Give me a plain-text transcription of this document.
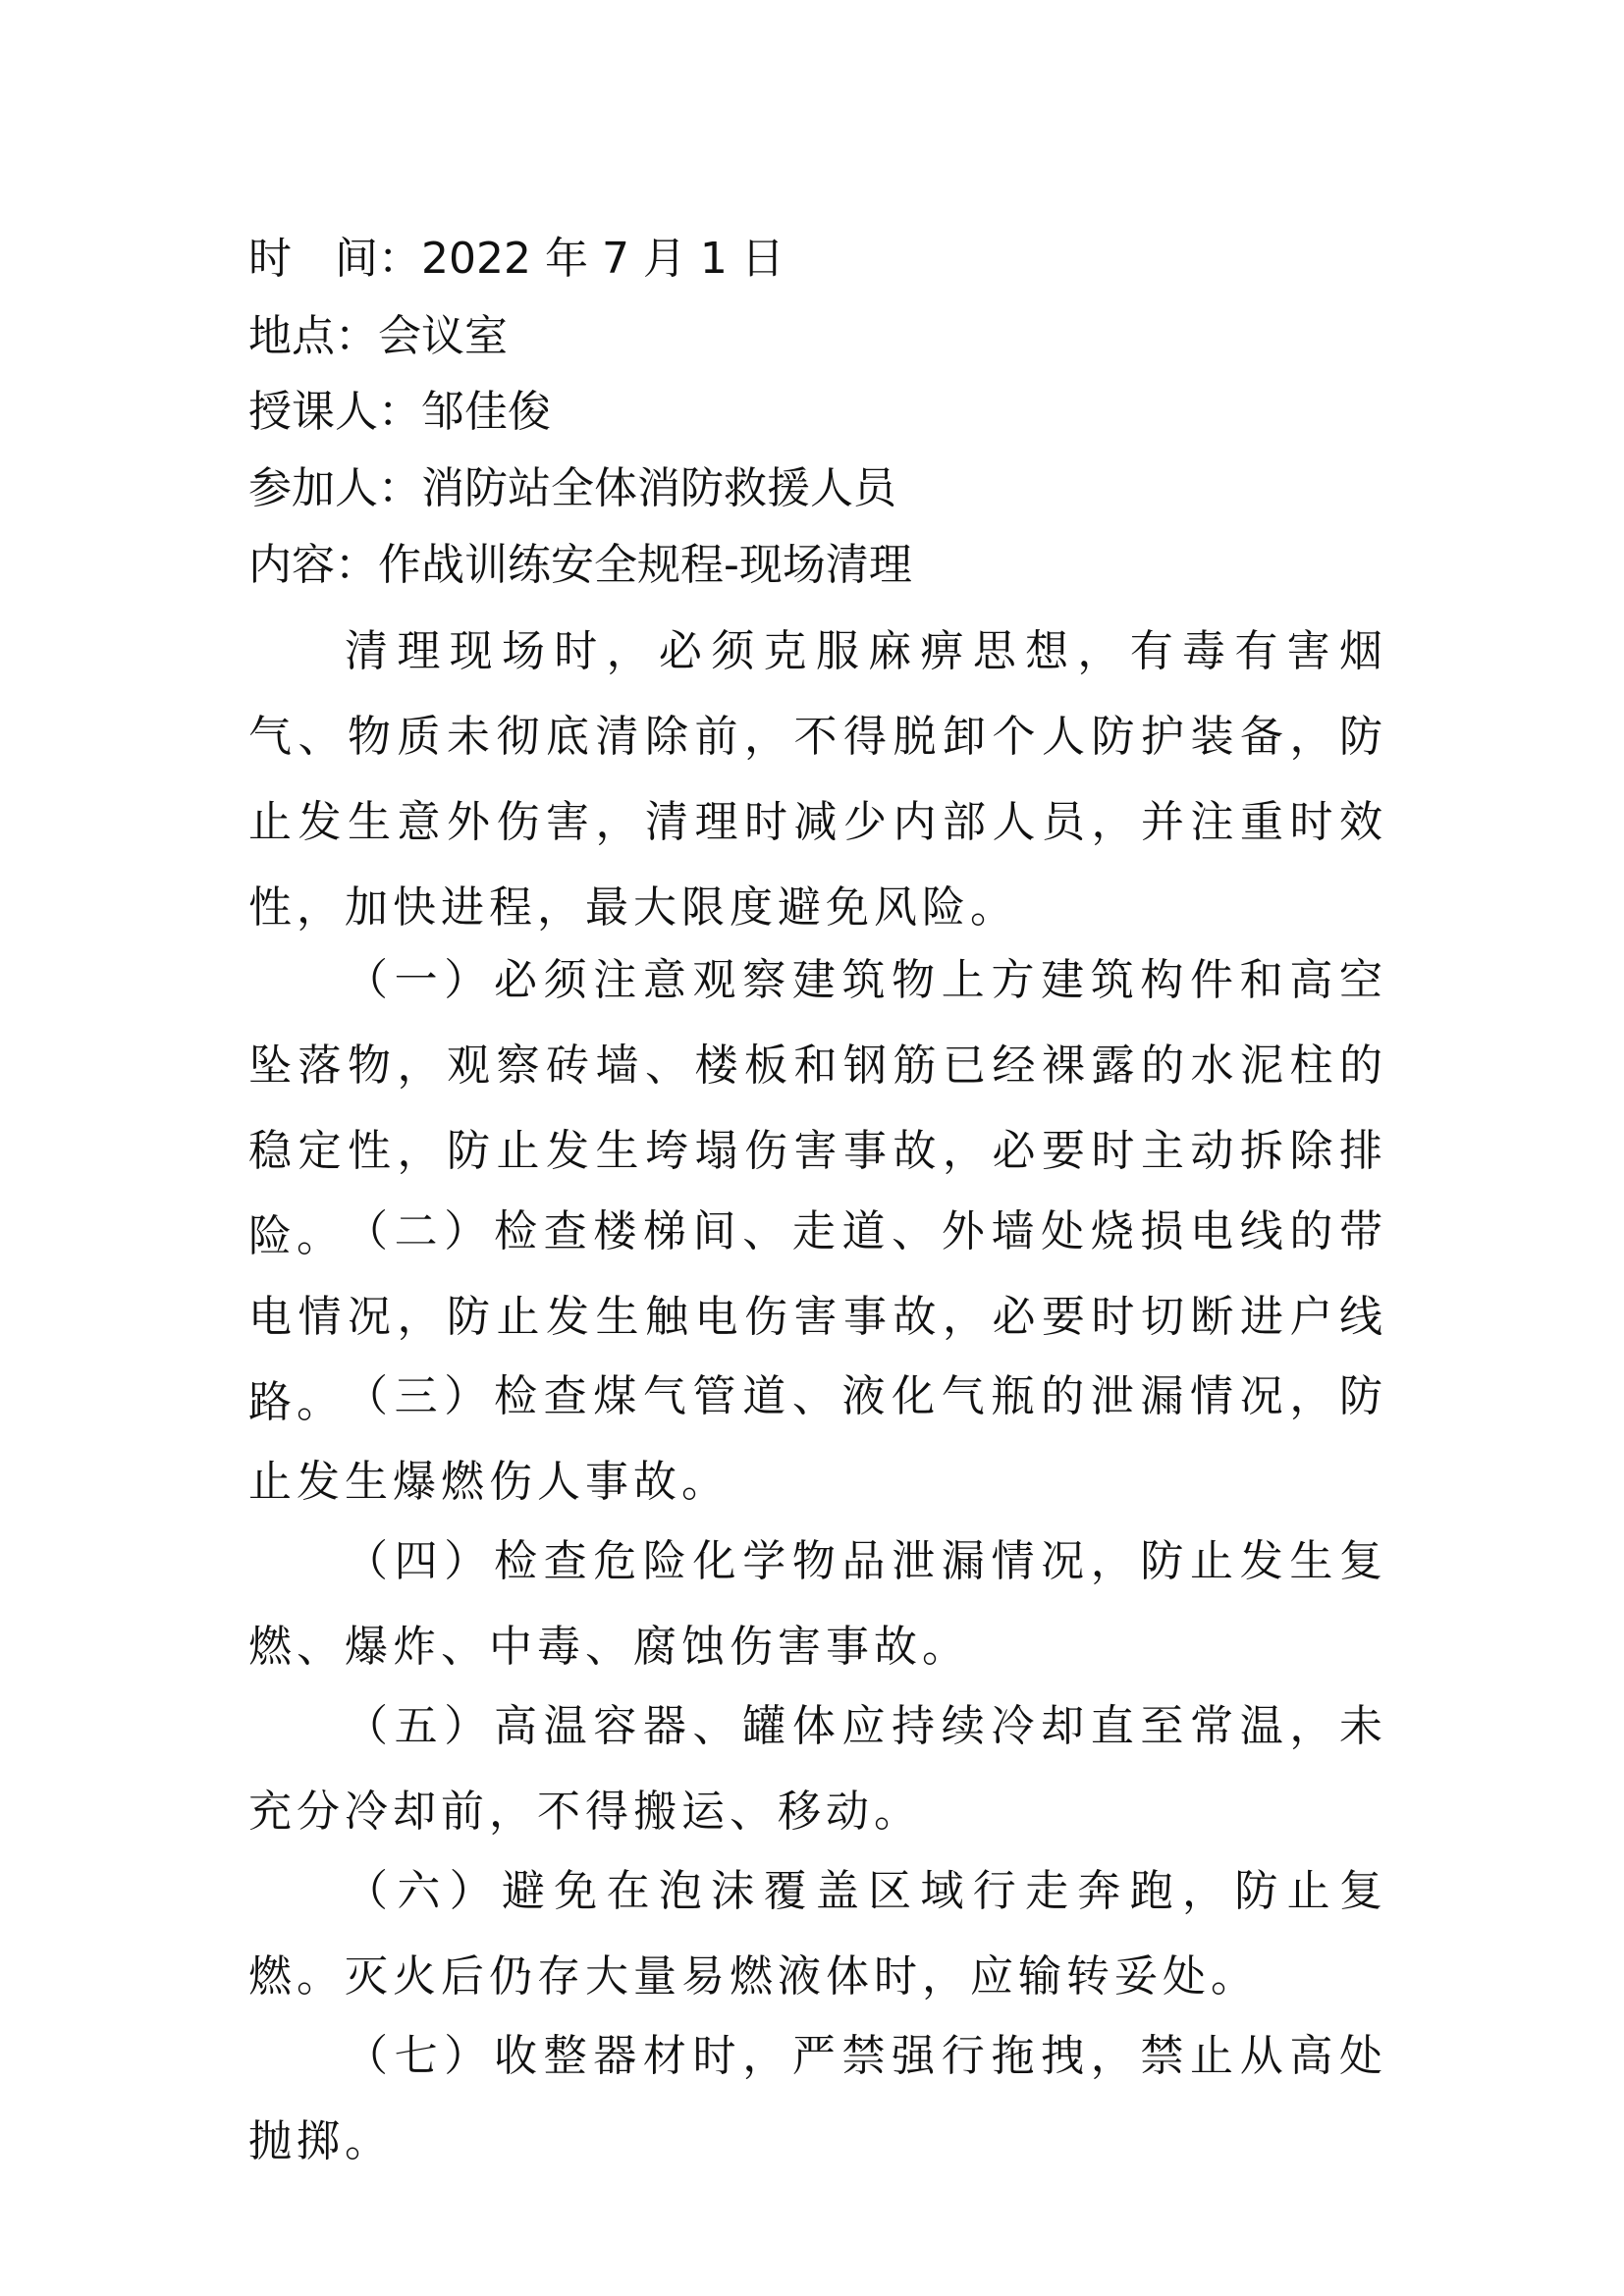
时　间：2022 年 7 月 1 日
地点：会议室
授课人：邹佳俊
参加人：消防站全体消防救援人员
内容：作战训练安全规程-现场清理

清理现场时，必须克服麻痹思想，有毒有害烟气、物质未彻底清除前，不得脱卸个人防护装备，防止发生意外伤害，清理时减少内部人员，并注重时效性，加快进程，最大限度避免风险。

（一）必须注意观察建筑物上方建筑构件和高空坠落物，观察砖墙、楼板和钢筋已经裸露的水泥柱的稳定性，防止发生垮塌伤害事故，必要时主动拆除排险。 （二）检查楼梯间、走道、外墙处烧损电线的带电情况，防止发生触电伤害事故，必要时切断进户线路。 （三）检查煤气管道、液化气瓶的泄漏情况，防止发生爆燃伤人事故。

（四）检查危险化学物品泄漏情况，防止发生复燃、爆炸、中毒、腐蚀伤害事故。

（五）高温容器、罐体应持续冷却直至常温，未充分冷却前，不得搬运、移动。

（六）避免在泡沫覆盖区域行走奔跑，防止复燃。灭火后仍存大量易燃液体时，应输转妥处。

（七）收整器材时，严禁强行拖拽，禁止从高处抛掷。
